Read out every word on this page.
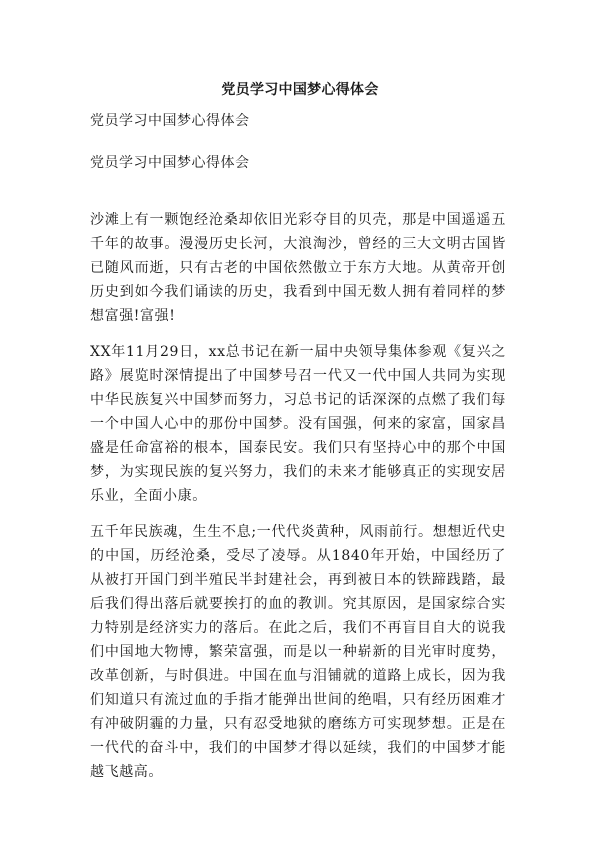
党员学习中国梦心得体会
党员学习中国梦心得体会
党员学习中国梦心得体会

沙滩上有一颗饱经沧桑却依旧光彩夺目的贝壳，那是中国遥遥五千年的故事。漫漫历史长河，大浪淘沙，曾经的三大文明古国皆已随风而逝，只有古老的中国依然傲立于东方大地。从黄帝开创历史到如今我们诵读的历史，我看到中国无数人拥有着同样的梦想富强!富强!

XX年11月29日，xx总书记在新一届中央领导集体参观《复兴之路》展览时深情提出了中国梦号召一代又一代中国人共同为实现中华民族复兴中国梦而努力，习总书记的话深深的点燃了我们每一个中国人心中的那份中国梦。没有国强，何来的家富，国家昌盛是任命富裕的根本，国泰民安。我们只有坚持心中的那个中国梦，为实现民族的复兴努力，我们的未来才能够真正的实现安居乐业，全面小康。

五千年民族魂，生生不息;一代代炎黄种，风雨前行。想想近代史的中国，历经沧桑，受尽了凌辱。从1840年开始，中国经历了从被打开国门到半殖民半封建社会，再到被日本的铁蹄践踏，最后我们得出落后就要挨打的血的教训。究其原因，是国家综合实力特别是经济实力的落后。在此之后，我们不再盲目自大的说我们中国地大物博，繁荣富强，而是以一种崭新的目光审时度势，改革创新，与时俱进。中国在血与泪铺就的道路上成长，因为我们知道只有流过血的手指才能弹出世间的绝唱，只有经历困难才有冲破阴霾的力量，只有忍受地狱的磨练方可实现梦想。正是在一代代的奋斗中，我们的中国梦才得以延续，我们的中国梦才能越飞越高。
